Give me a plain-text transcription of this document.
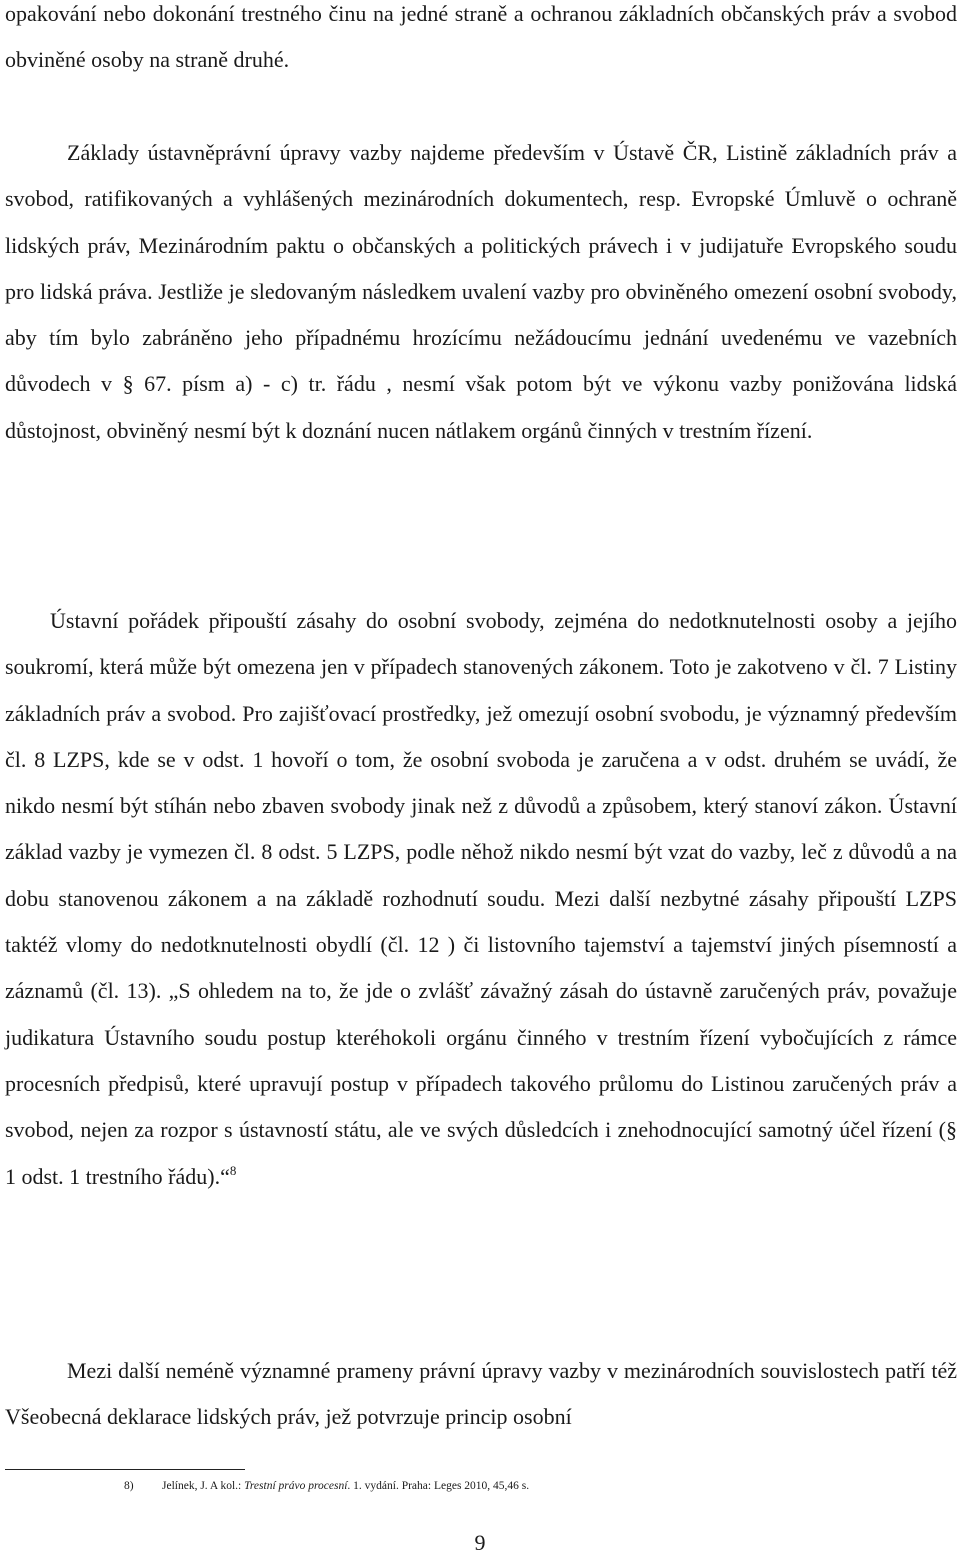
opakování nebo dokonání trestného činu na jedné straně a ochranou základních občanských práv a svobod obviněné osoby na straně druhé.

Základy ústavněprávní úpravy vazby najdeme především v Ústavě ČR, Listině základních práv a svobod, ratifikovaných a vyhlášených mezinárodních dokumentech, resp. Evropské Úmluvě o ochraně lidských práv, Mezinárodním paktu o občanských a politických právech i v judijatuře Evropského soudu pro lidská práva. Jestliže je sledovaným následkem uvalení vazby pro obviněného omezení osobní svobody, aby tím bylo zabráněno jeho případnému hrozícímu nežádoucímu jednání uvedenému ve vazebních důvodech v § 67. písm a) - c) tr. řádu , nesmí však potom být ve výkonu vazby ponižována lidská důstojnost, obviněný nesmí být k doznání nucen nátlakem orgánů činných v trestním řízení.

Ústavní pořádek připouští zásahy do osobní svobody, zejména do nedotknutelnosti osoby a jejího soukromí, která může být omezena jen v případech stanovených zákonem. Toto je zakotveno v čl. 7 Listiny základních práv a svobod. Pro zajišťovací prostředky, jež omezují osobní svobodu, je významný především čl. 8 LZPS, kde se v odst. 1 hovoří o tom, že osobní svoboda je zaručena a v odst. druhém se uvádí, že nikdo nesmí být stíhán nebo zbaven svobody jinak než z důvodů a způsobem, který stanoví zákon. Ústavní základ vazby je vymezen čl. 8 odst. 5 LZPS, podle něhož nikdo nesmí být vzat do vazby, leč z důvodů a na dobu stanovenou zákonem a na základě rozhodnutí soudu. Mezi další nezbytné zásahy připouští LZPS taktéž vlomy do nedotknutelnosti obydlí (čl. 12 ) či listovního tajemství a tajemství jiných písemností a záznamů (čl. 13). „S ohledem na to, že jde o zvlášť závažný zásah do ústavně zaručených práv, považuje judikatura Ústavního soudu postup kteréhokoli orgánu činného v trestním řízení vybočujících z rámce procesních předpisů, které upravují postup v případech takového průlomu do Listinou zaručených práv a svobod, nejen za rozpor s ústavností státu, ale ve svých důsledcích i znehodnocující samotný účel řízení (§ 1 odst. 1 trestního řádu).“$^8$

Mezi další neméně významné prameny právní úpravy vazby v mezinárodních souvislostech patří též Všeobecná deklarace lidských práv, jež potvrzuje princip osobní

8) Jelínek, J. A kol.: Trestní právo procesní. 1. vydání. Praha: Leges 2010, 45,46 s.
9
